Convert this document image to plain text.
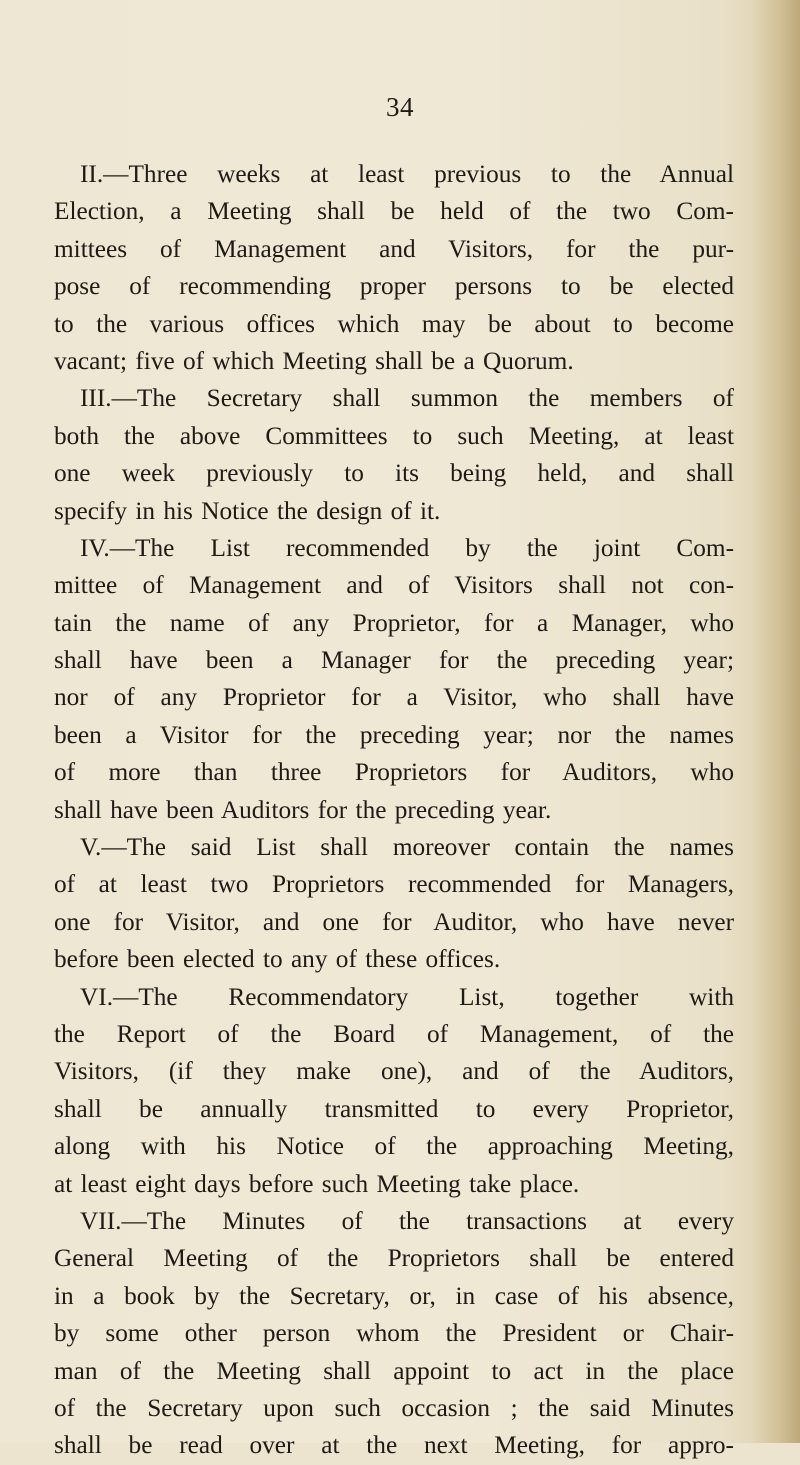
34
II.—Three weeks at least previous to the Annual
Election, a Meeting shall be held of the two Com-
mittees of Management and Visitors, for the pur-
pose of recommending proper persons to be elected
to the various offices which may be about to become
vacant; five of which Meeting shall be a Quorum.
III.—The Secretary shall summon the members of
both the above Committees to such Meeting, at least
one week previously to its being held, and shall
specify in his Notice the design of it.
IV.—The List recommended by the joint Com-
mittee of Management and of Visitors shall not con-
tain the name of any Proprietor, for a Manager, who
shall have been a Manager for the preceding year;
nor of any Proprietor for a Visitor, who shall have
been a Visitor for the preceding year; nor the names
of more than three Proprietors for Auditors, who
shall have been Auditors for the preceding year.
V.—The said List shall moreover contain the names
of at least two Proprietors recommended for Managers,
one for Visitor, and one for Auditor, who have never
before been elected to any of these offices.
VI.—The Recommendatory List, together with
the Report of the Board of Management, of the
Visitors, (if they make one), and of the Auditors,
shall be annually transmitted to every Proprietor,
along with his Notice of the approaching Meeting,
at least eight days before such Meeting take place.
VII.—The Minutes of the transactions at every
General Meeting of the Proprietors shall be entered
in a book by the Secretary, or, in case of his absence,
by some other person whom the President or Chair-
man of the Meeting shall appoint to act in the place
of the Secretary upon such occasion ; the said Minutes
shall be read over at the next Meeting, for appro-
